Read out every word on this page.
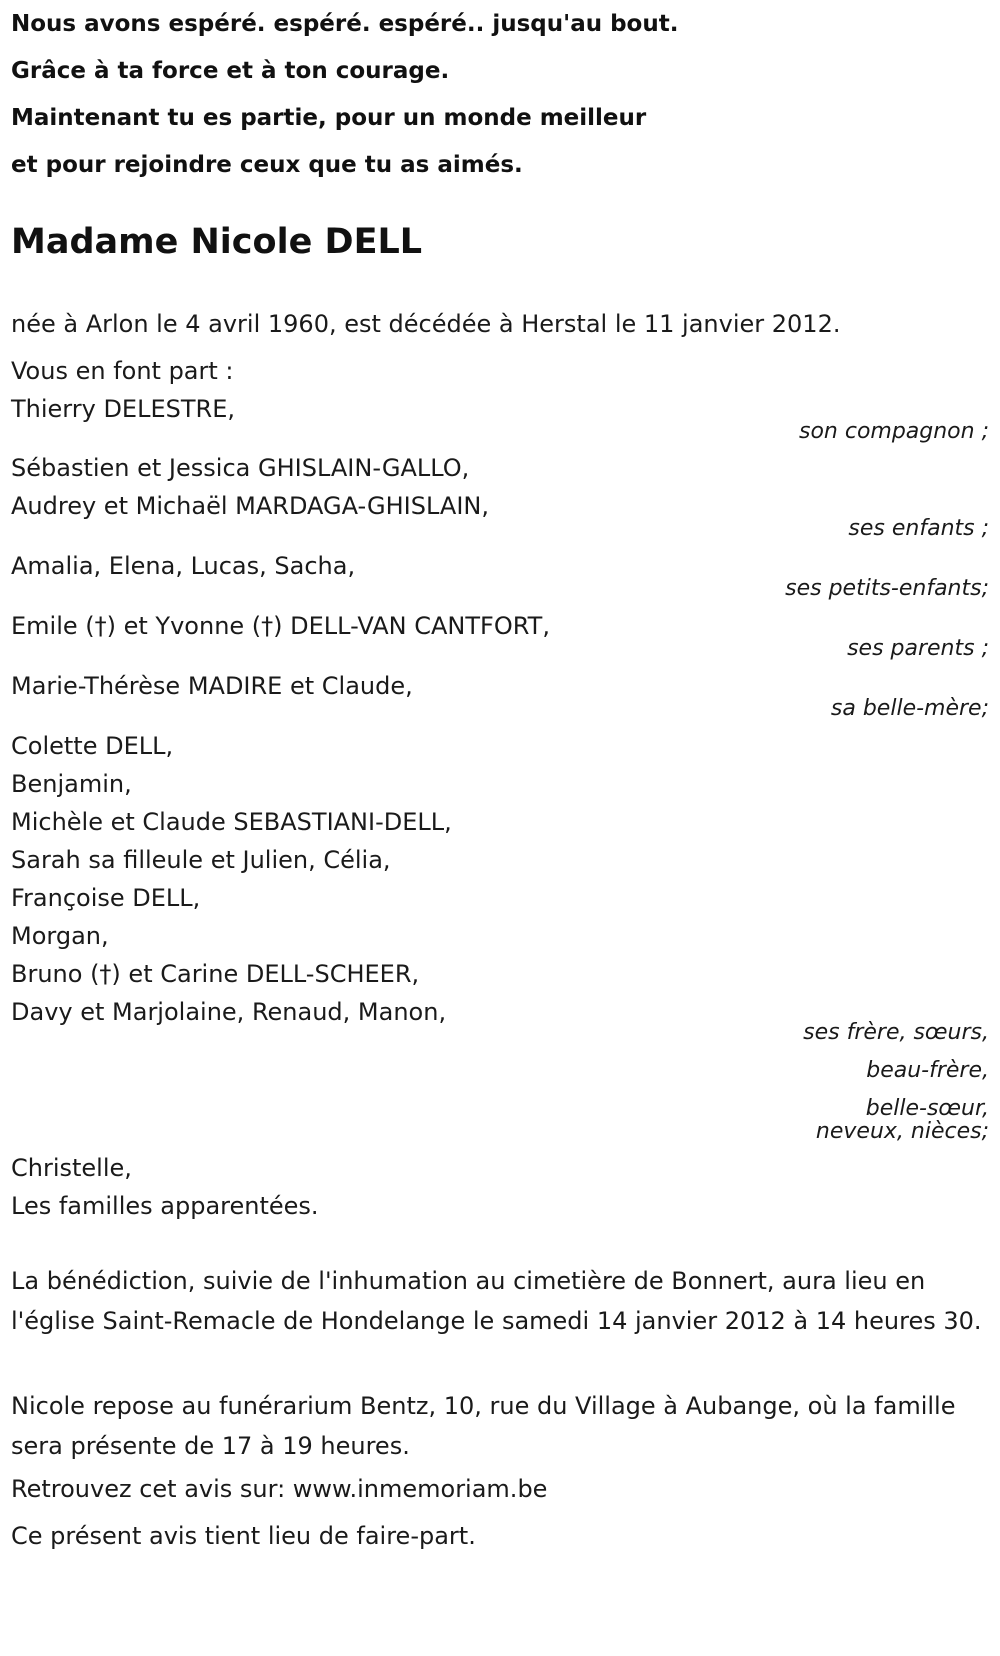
Nous avons espéré. espéré. espéré.. jusqu'au bout.
Grâce à ta force et à ton courage.
Maintenant tu es partie, pour un monde meilleur
et pour rejoindre ceux que tu as aimés.
Madame Nicole DELL
née à Arlon le 4 avril 1960, est décédée à Herstal le 11 janvier 2012.
Vous en font part :
Thierry DELESTRE,
son compagnon ;
Sébastien et Jessica GHISLAIN-GALLO,
Audrey et Michaël MARDAGA-GHISLAIN,
ses enfants ;
Amalia, Elena, Lucas, Sacha,
ses petits-enfants;
Emile (†) et Yvonne (†) DELL-VAN CANTFORT,
ses parents ;
Marie-Thérèse MADIRE et Claude,
sa belle-mère;
Colette DELL,
Benjamin,
Michèle et Claude SEBASTIANI-DELL,
Sarah sa filleule et Julien, Célia,
Françoise DELL,
Morgan,
Bruno (†) et Carine DELL-SCHEER,
Davy et Marjolaine, Renaud, Manon,
ses frère, sœurs,
beau-frère,
belle-sœur,
neveux, nièces;
Christelle,
Les familles apparentées.
La bénédiction, suivie de l'inhumation au cimetière de Bonnert, aura lieu en l'église Saint-Remacle de Hondelange le samedi 14 janvier 2012 à 14 heures 30.
Nicole repose au funérarium Bentz, 10, rue du Village à Aubange, où la famille sera présente de 17 à 19 heures.
Retrouvez cet avis sur: www.inmemoriam.be
Ce présent avis tient lieu de faire-part.
